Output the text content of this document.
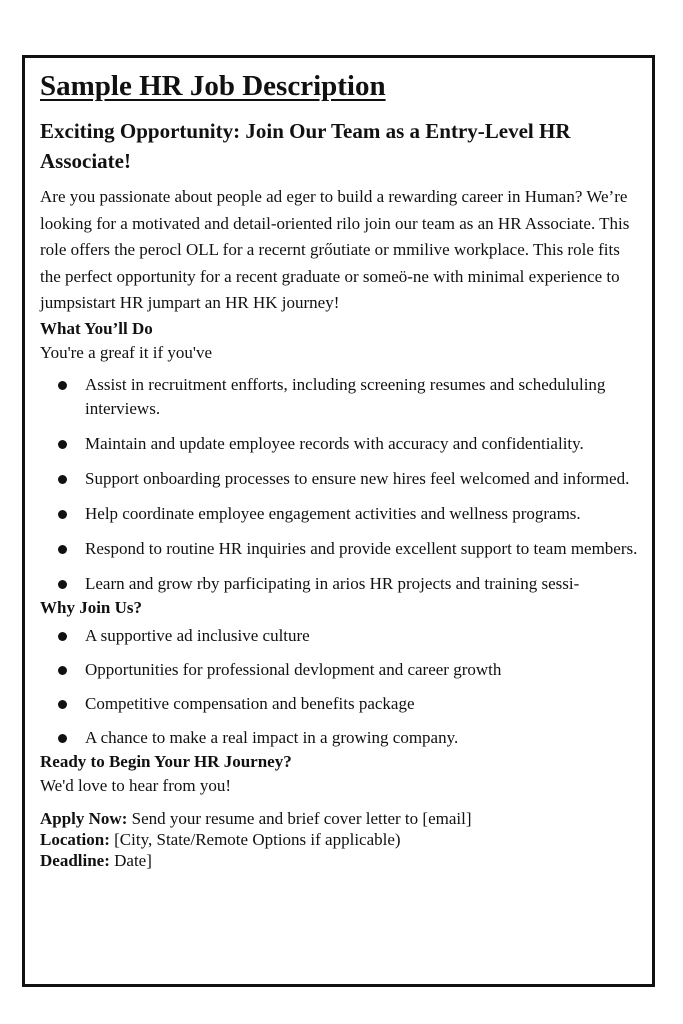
Sample HR Job Description
Exciting Opportunity: Join Our Team as a Entry-Level HR Associate!

Are you passionate about people ad eger to build a rewarding career in Human? We’re looking for a motivated and detail-oriented rilo join our team as an HR Associate. This role offers the perocl OLL for a recernt grőutiate or mmilive workplace. This role fits the perfect opportunity for a recent graduate or someö-ne with minimal experience to jumpsistart HR jumpart an HR HK journey!

What You’ll Do

You're a greaf it if you've

Assist in recruitment enfforts, including screening resumes and schedululing interviews.
Maintain and update employee records with accuracy and confidentiality.
Support onboarding processes to ensure new hires feel welcomed and informed.
Help coordinate employee engagement activities and wellness programs.
Respond to routine HR inquiries and provide excellent support to team members.
Learn and grow rby parficipating in arios HR projects and training sessi-
Why Join Us?
A supportive ad inclusive culture
Opportunities for professional devlopment and career growth
Competitive compensation and benefits package
A chance to make a real impact in a growing company.
Ready to Begin Your HR Journey?

We'd love to hear from you!

Apply Now: Send your resume and brief cover letter to [email]
Location: [City, State/Remote Options if applicable)
Deadline: Date]
